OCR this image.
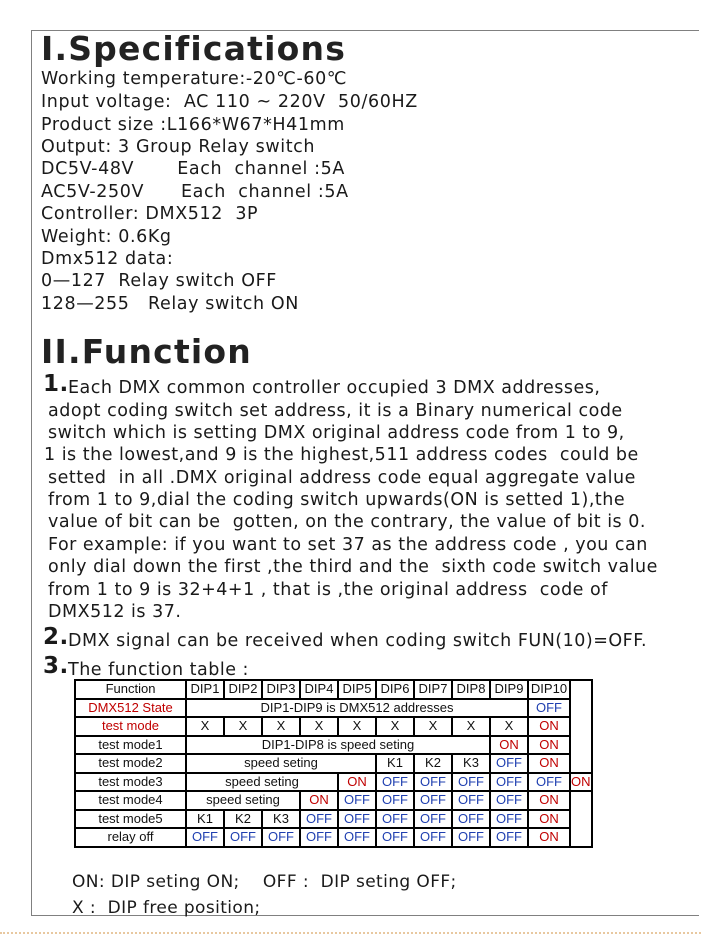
I.Specifications
Working temperature:-20℃-60℃
Input voltage:  AC 110 ~ 220V  50/60HZ
Product size :L166*W67*H41mm
Output: 3 Group Relay switch
DC5V-48V       Each  channel :5A
AC5V-250V      Each  channel :5A
Controller: DMX512  3P
Weight: 0.6Kg
Dmx512 data:
0—127  Relay switch OFF
128—255   Relay switch ON
II.Function
1. Each DMX common controller occupied 3 DMX addresses,
adopt coding switch set address, it is a Binary numerical code
switch which is setting DMX original address code from 1 to 9,
1 is the lowest,and 9 is the highest,511 address codes  could be
setted  in all .DMX original address code equal aggregate value
from 1 to 9,dial the coding switch upwards(ON is setted 1),the
value of bit can be  gotten, on the contrary, the value of bit is 0.
For example: if you want to set 37 as the address code , you can
only dial down the first ,the third and the  sixth code switch value
from 1 to 9 is 32+4+1 , that is ,the original address  code of
DMX512 is 37.
2. DMX signal can be received when coding switch FUN(10)=OFF.
3. The function table :
Function	DIP1	DIP2	DIP3	DIP4	DIP5	DIP6	DIP7	DIP8	DIP9	DIP10	
DMX512 State	DIP1-DIP9 is DMX512 addresses									OFF	
test mode	X	X	X	X	X	X	X	X	X	ON	
test mode1	DIP1-DIP8 is speed seting								ON	ON	
test mode2	speed seting					K1	K2	K3	OFF	ON	
test mode3	speed seting				ON	OFF	OFF	OFF	OFF	OFF	ON
test mode4	speed seting			ON	OFF	OFF	OFF	OFF	OFF	ON	
test mode5	K1	K2	K3	OFF	OFF	OFF	OFF	OFF	OFF	ON	
relay off	OFF	OFF	OFF	OFF	OFF	OFF	OFF	OFF	OFF	ON	
ON: DIP seting ON;    OFF :  DIP seting OFF;
X :  DIP free position;
